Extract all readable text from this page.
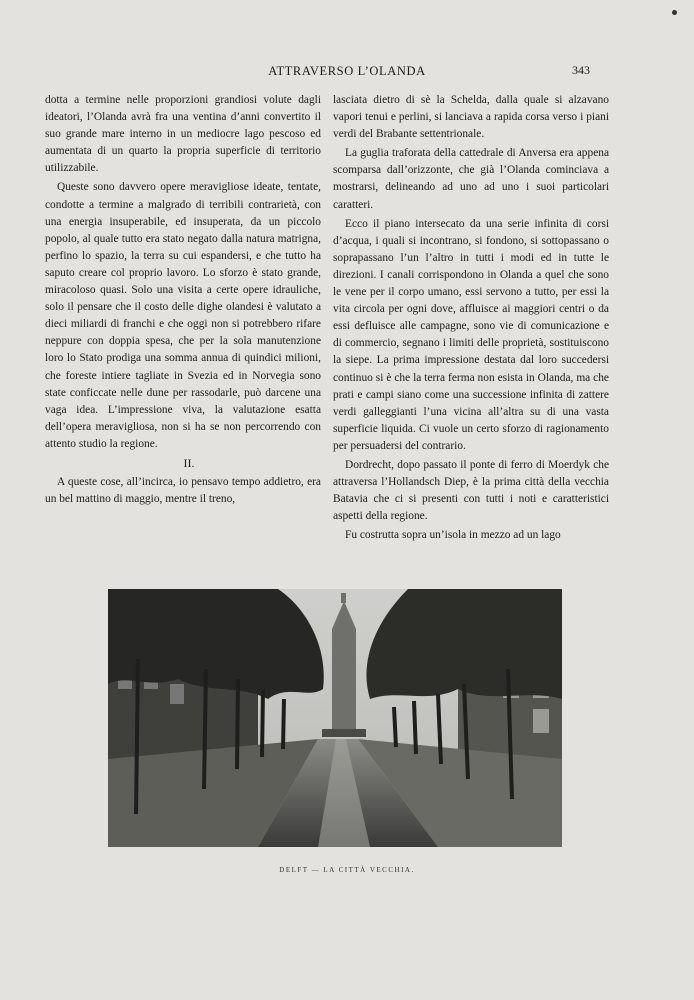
ATTRAVERSO L’OLANDA	343

dotta a termine nelle proporzioni grandiosi volute dagli ideatori, l’Olanda avrà fra una ventina d’anni convertito il suo grande mare interno in un mediocre lago pescoso ed aumentata di un quarto la propria superficie di territorio utilizzabile.

Queste sono davvero opere meravigliose ideate, tentate, condotte a termine a malgrado di terribili contrarietà, con una energia insuperabile, ed insuperata, da un piccolo popolo, al quale tutto era stato negato dalla natura matrigna, perfino lo spazio, la terra su cui espandersi, e che tutto ha saputo creare col proprio lavoro. Lo sforzo è stato grande, miracoloso quasi. Solo una visita a certe opere idrauliche, solo il pensare che il costo delle dighe olandesi è valutato a dieci miliardi di franchi e che oggi non si potrebbero rifare neppure con doppia spesa, che per la sola manutenzione loro lo Stato prodiga una somma annua di quindici milioni, che foreste intiere tagliate in Svezia ed in Norvegia sono state conficcate nelle dune per rassodarle, può darcene una vaga idea. L’impressione viva, la valutazione esatta dell’opera meravigliosa, non si ha se non percorrendo con attento studio la regione.

II.

A queste cose, all’incirca, io pensavo tempo addietro, era un bel mattino di maggio, mentre il treno,

lasciata dietro di sè la Schelda, dalla quale si alzavano vapori tenui e perlini, si lanciava a rapida corsa verso i piani verdi del Brabante settentrionale.

La guglia traforata della cattedrale di Anversa era appena scomparsa dall’orizzonte, che già l’Olanda cominciava a mostrarsi, delineando ad uno ad uno i suoi particolari caratteri.

Ecco il piano intersecato da una serie infinita di corsi d’acqua, i quali si incontrano, si fondono, si sottopassano o soprapassano l’un l’altro in tutti i modi ed in tutte le direzioni. I canali corrispondono in Olanda a quel che sono le vene per il corpo umano, essi servono a tutto, per essi la vita circola per ogni dove, affluisce ai maggiori centri o da essi defluisce alle campagne, sono vie di comunicazione e di commercio, segnano i limiti delle proprietà, sostituiscono la siepe. La prima impressione destata dal loro succedersi continuo si è che la terra ferma non esista in Olanda, ma che prati e campi siano come una successione infinita di zattere verdi galleggianti l’una vicina all’altra su di una vasta superficie liquida. Ci vuole un certo sforzo di ragionamento per persuadersi del contrario.

Dordrecht, dopo passato il ponte di ferro di Moerdyk che attraversa l’Hollandsch Diep, è la prima città della vecchia Batavia che ci si presenti con tutti i noti e caratteristici aspetti della regione.

Fu costrutta sopra un’isola in mezzo ad un lago

DELFT — LA CITTÀ VECCHIA.
